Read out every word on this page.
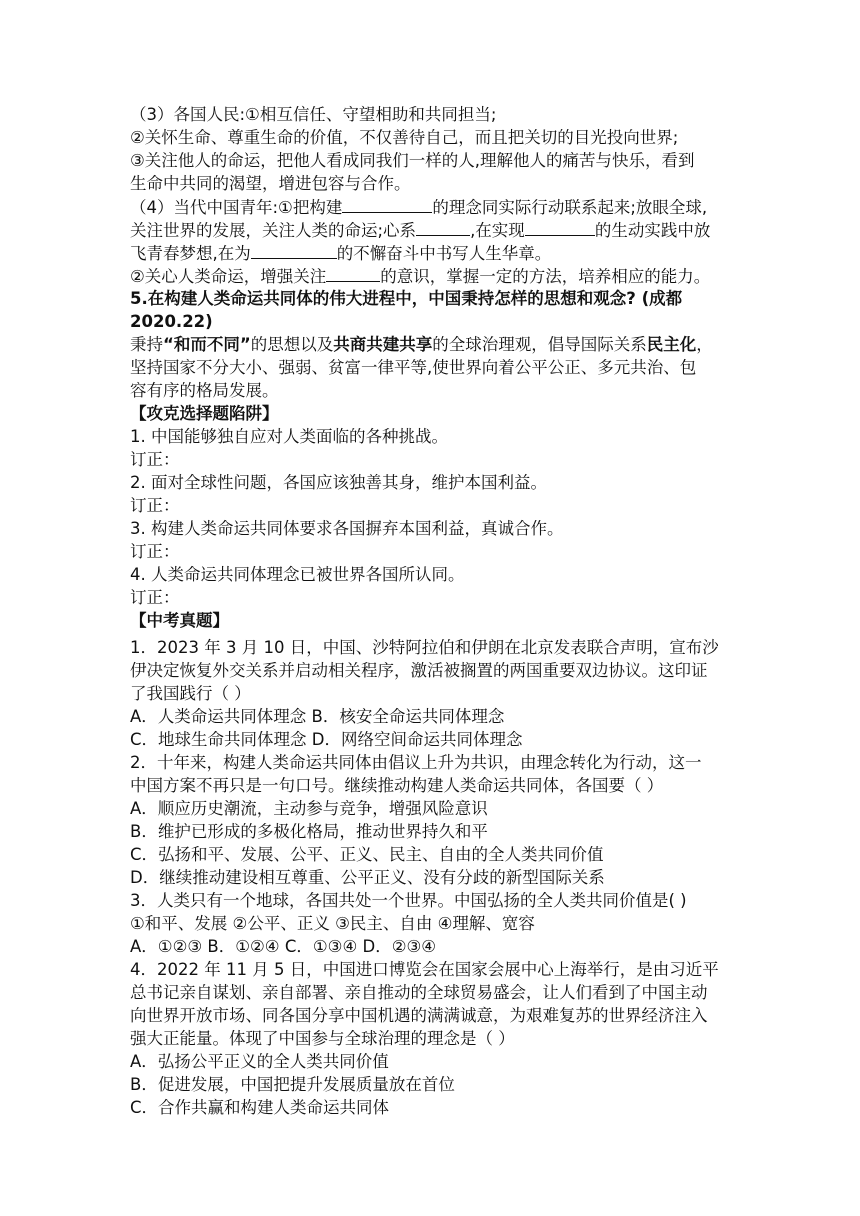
（3）各国人民:①相互信任、守望相助和共同担当;
②关怀生命、尊重生命的价值，不仅善待自己，而且把关切的目光投向世界;
③关注他人的命运，把他人看成同我们一样的人,理解他人的痛苦与快乐，看到
生命中共同的渴望，增进包容与合作。
（4）当代中国青年:①把构建	的理念同实际行动联系起来;放眼全球,
关注世界的发展，关注人类的命运;心系	,在实现	的生动实践中放
飞青春梦想,在为	的不懈奋斗中书写人生华章。
②关心人类命运，增强关注	的意识，掌握一定的方法，培养相应的能力。
5.在构建人类命运共同体的伟大进程中，中国秉持怎样的思想和观念? (成都
2020.22)
秉持“和而不同”的思想以及共商共建共享的全球治理观，倡导国际关系民主化，
坚持国家不分大小、强弱、贫富一律平等,使世界向着公平公正、多元共治、包
容有序的格局发展。
【攻克选择题陷阱】
1. 中国能够独自应对人类面临的各种挑战。
订正：
2. 面对全球性问题，各国应该独善其身，维护本国利益。
订正：
3. 构建人类命运共同体要求各国摒弃本国利益，真诚合作。
订正：
4. 人类命运共同体理念已被世界各国所认同。
订正：
【中考真题】
1．2023 年 3 月 10 日，中国、沙特阿拉伯和伊朗在北京发表联合声明，宣布沙
伊决定恢复外交关系并启动相关程序，激活被搁置的两国重要双边协议。这印证
了我国践行（ ）
A．人类命运共同体理念 B．核安全命运共同体理念
C．地球生命共同体理念 D．网络空间命运共同体理念
2．十年来，构建人类命运共同体由倡议上升为共识，由理念转化为行动，这一
中国方案不再只是一句口号。继续推动构建人类命运共同体，各国要（ ）
A．顺应历史潮流，主动参与竞争，增强风险意识
B．维护已形成的多极化格局，推动世界持久和平
C．弘扬和平、发展、公平、正义、民主、自由的全人类共同价值
D．继续推动建设相互尊重、公平正义、没有分歧的新型国际关系
3．人类只有一个地球，各国共处一个世界。中国弘扬的全人类共同价值是( )
①和平、发展 ②公平、正义 ③民主、自由 ④理解、宽容
A．①②③ B．①②④ C．①③④ D．②③④
4．2022 年 11 月 5 日，中国进口博览会在国家会展中心上海举行，是由习近平
总书记亲自谋划、亲自部署、亲自推动的全球贸易盛会，让人们看到了中国主动
向世界开放市场、同各国分享中国机遇的满满诚意，为艰难复苏的世界经济注入
强大正能量。体现了中国参与全球治理的理念是（ ）
A．弘扬公平正义的全人类共同价值
B．促进发展，中国把提升发展质量放在首位
C．合作共赢和构建人类命运共同体
